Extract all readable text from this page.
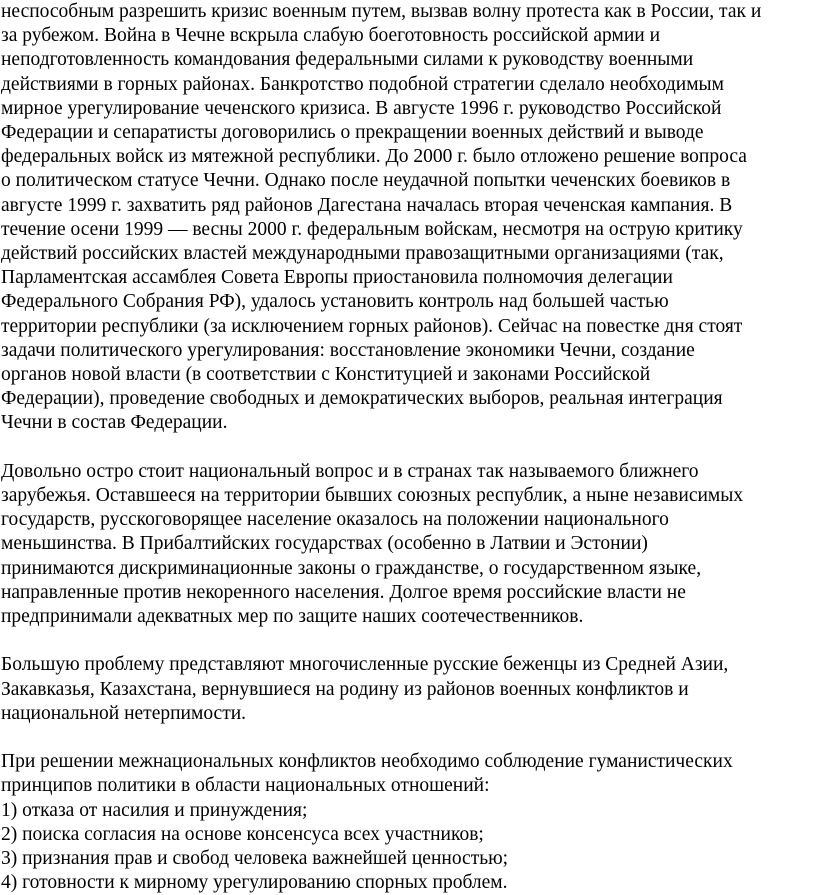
неспособным разрешить кризис военным путем, вызвав волну протеста как в России, так и
за рубежом. Война в Чечне вскрыла слабую боеготовность российской армии и
неподготовленность командования федеральными силами к руководству военными
действиями в горных районах. Банкротство подобной стратегии сделало необходимым
мирное урегулирование чеченского кризиса. В августе 1996 г. руководство Российской
Федерации и сепаратисты договорились о прекращении военных действий и выводе
федеральных войск из мятежной республики. До 2000 г. было отложено решение вопроса
о политическом статусе Чечни. Однако после неудачной попытки чеченских боевиков в
августе 1999 г. захватить ряд районов Дагестана началась вторая чеченская кампания. В
течение осени 1999 — весны 2000 г. федеральным войскам, несмотря на острую критику
действий российских властей международными правозащитными организациями (так,
Парламентская ассамблея Совета Европы приостановила полномочия делегации
Федерального Собрания РФ), удалось установить контроль над большей частью
территории республики (за исключением горных районов). Сейчас на повестке дня стоят
задачи политического урегулирования: восстановление экономики Чечни, создание
органов новой власти (в соответствии с Конституцией и законами Российской
Федерации), проведение свободных и демократических выборов, реальная интеграция
Чечни в состав Федерации.

Довольно остро стоит национальный вопрос и в странах так называемого ближнего
зарубежья. Оставшееся на территории бывших союзных республик, а ныне независимых
государств, русскоговорящее население оказалось на положении национального
меньшинства. В Прибалтийских государствах (особенно в Латвии и Эстонии)
принимаются дискриминационные законы о гражданстве, о государственном языке,
направленные против некоренного населения. Долгое время российские власти не
предпринимали адекватных мер по защите наших соотечественников.

Большую проблему представляют многочисленные русские беженцы из Средней Азии,
Закавказья, Казахстана, вернувшиеся на родину из районов военных конфликтов и
национальной нетерпимости.

При решении межнациональных конфликтов необходимо соблюдение гуманистических
принципов политики в области национальных отношений:
1) отказа от насилия и принуждения;
2) поиска согласия на основе консенсуса всех участников;
3) признания прав и свобод человека важнейшей ценностью;
4) готовности к мирному урегулированию спорных проблем.
